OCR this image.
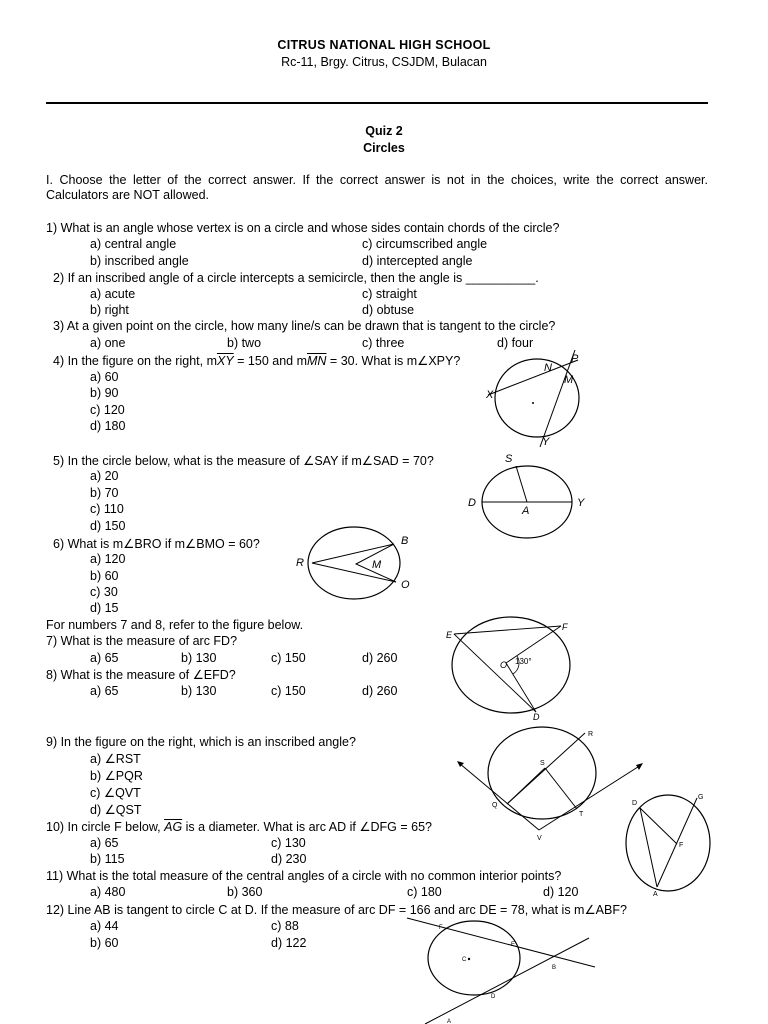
CITRUS NATIONAL HIGH SCHOOL
Rc-11, Brgy. Citrus, CSJDM, Bulacan
Quiz 2
Circles
I. Choose the letter of the correct answer. If the correct answer is not in the choices, write the correct answer. Calculators are NOT allowed.
1) What is an angle whose vertex is on a circle and whose sides contain chords of the circle?
a) central angle	c) circumscribed angle
b) inscribed angle	d) intercepted angle
2) If an inscribed angle of a circle intercepts a semicircle, then the angle is __________.
a) acute	c) straight
b) right	d) obtuse
3) At a given point on the circle, how many line/s can be drawn that is tangent to the circle?
a) one	b) two	c) three	d) four
4) In the figure on the right, $m\overline{XY} = 150$ and $m\overline{MN} = 30$. What is m∠XPY?
a) 60
b) 90
c) 120
d) 180
5) In the circle below, what is the measure of ∠SAY if m∠SAD = 70?
a) 20
b) 70
c) 110
d) 150
6) What is m∠BRO if m∠BMO = 60?
a) 120
b) 60
c) 30
d) 15
For numbers 7 and 8, refer to the figure below.
7) What is the measure of arc FD?
a) 65	b) 130	c) 150	d) 260
8) What is the measure of ∠EFD?
a) 65	b) 130	c) 150	d) 260
9) In the figure on the right, which is an inscribed angle?
a) ∠RST
b) ∠PQR
c) ∠QVT
d) ∠QST
10) In circle F below, $\overline{AG}$ is a diameter. What is arc AD if ∠DFG = 65?
a) 65	c) 130
b) 115	d) 230
11) What is the total measure of the central angles of a circle with no common interior points?
a) 480	b) 360	c) 180	d) 120
12) Line AB is tangent to circle C at D. If the measure of arc DF = 166 and arc DE = 78, what is m∠ABF?
a) 44	c) 88
b) 60	d) 122
P
N
M
X
Y
S
D
A
Y
B
R	M
O
E
F
O 130°
D
R
S
Q
T
V
D
G
F
A
F
E
C
B
D
A
